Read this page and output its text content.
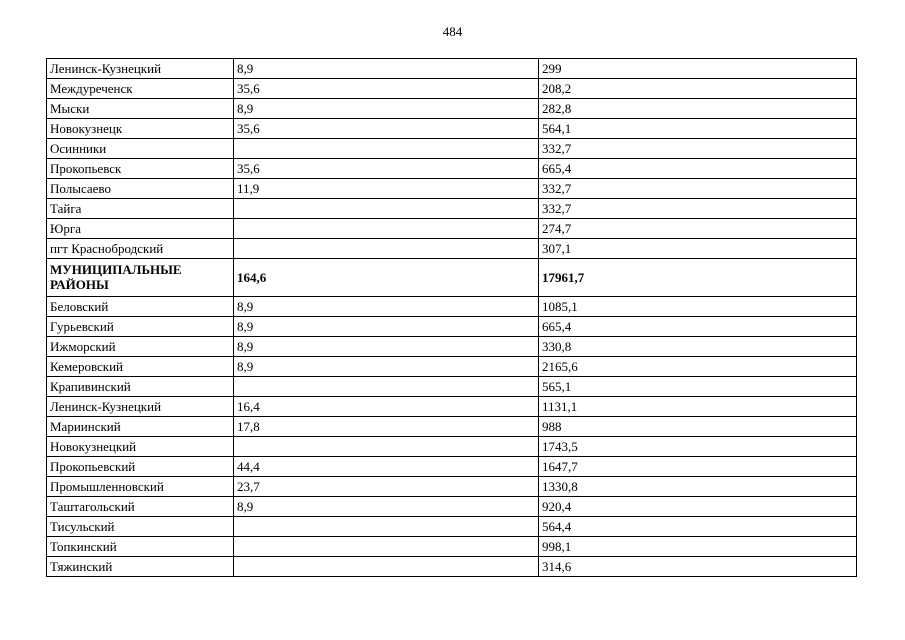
484
Ленинск-Кузнецкий	8,9	299
Междуреченск	35,6	208,2
Мыски	8,9	282,8
Новокузнецк	35,6	564,1
Осинники		332,7
Прокопьевск	35,6	665,4
Полысаево	11,9	332,7
Тайга		332,7
Юрга		274,7
пгт Краснобродский		307,1
МУНИЦИПАЛЬНЫЕ РАЙОНЫ	164,6	17961,7
Беловский	8,9	1085,1
Гурьевский	8,9	665,4
Ижморский	8,9	330,8
Кемеровский	8,9	2165,6
Крапивинский		565,1
Ленинск-Кузнецкий	16,4	1131,1
Мариинский	17,8	988
Новокузнецкий		1743,5
Прокопьевский	44,4	1647,7
Промышленновский	23,7	1330,8
Таштагольский	8,9	920,4
Тисульский		564,4
Топкинский		998,1
Тяжинский		314,6
